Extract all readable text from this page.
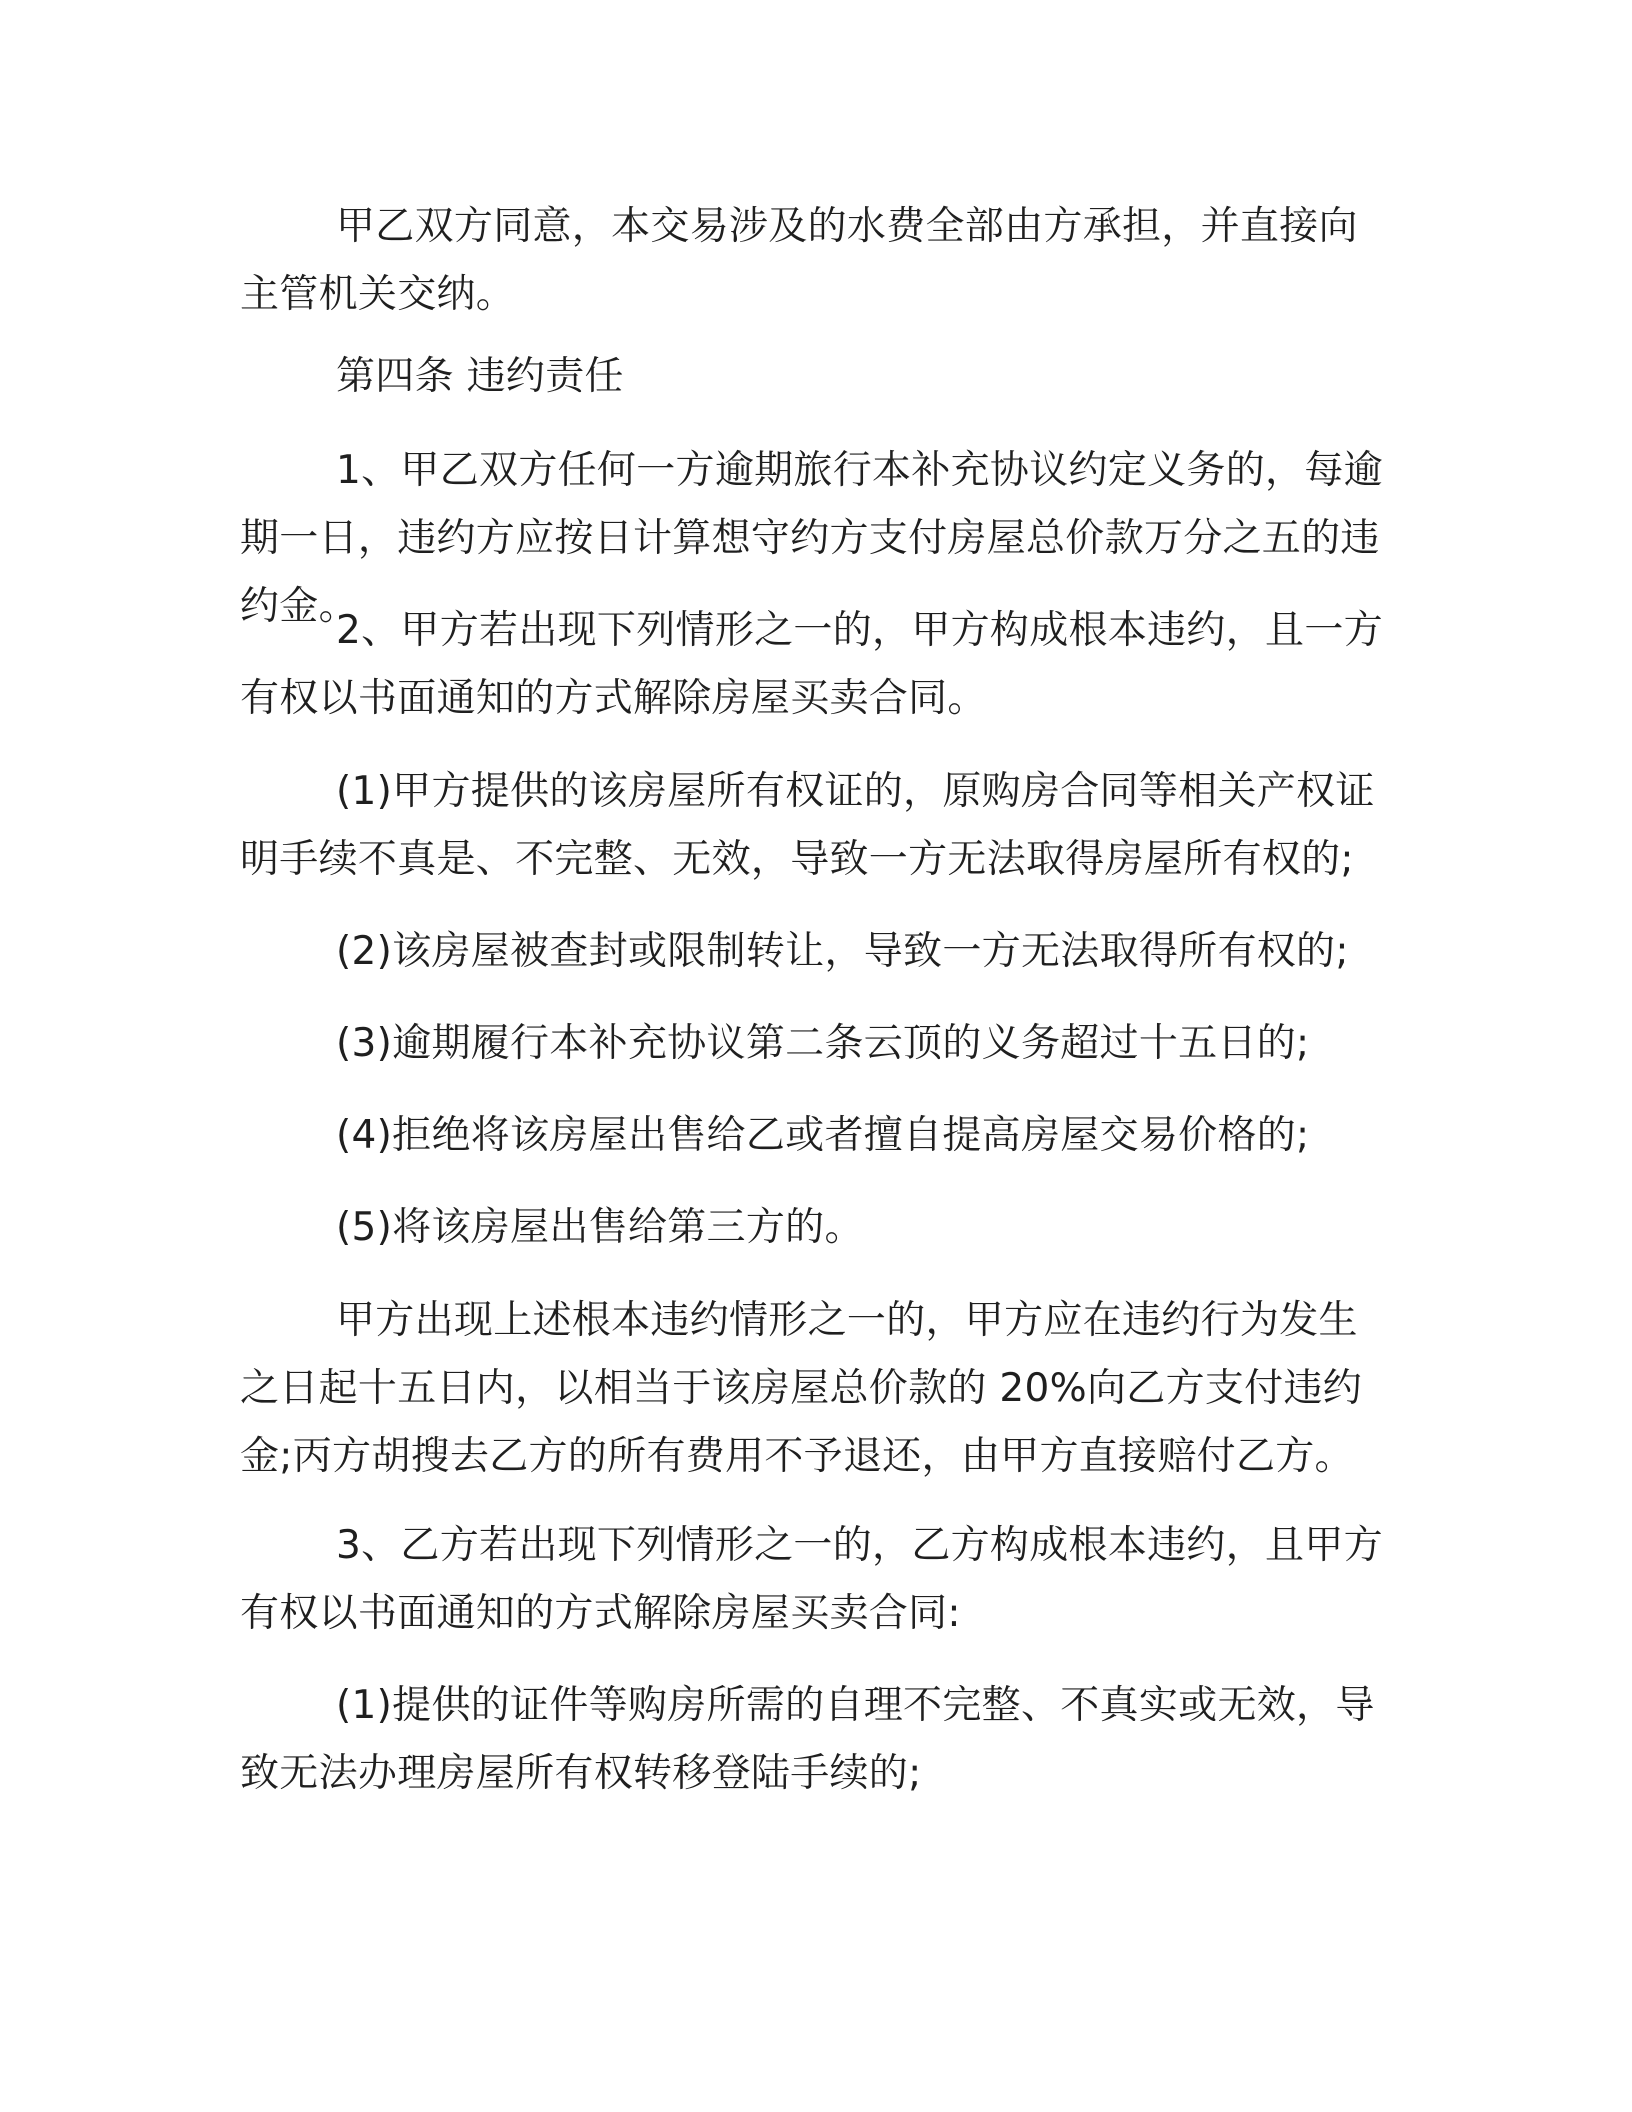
甲乙双方同意，本交易涉及的水费全部由方承担，并直接向主管机关交纳。

第四条 违约责任

1、甲乙双方任何一方逾期旅行本补充协议约定义务的，每逾期一日，违约方应按日计算想守约方支付房屋总价款万分之五的违约金。

2、甲方若出现下列情形之一的，甲方构成根本违约，且一方有权以书面通知的方式解除房屋买卖合同。

(1)甲方提供的该房屋所有权证的，原购房合同等相关产权证明手续不真是、不完整、无效，导致一方无法取得房屋所有权的;

(2)该房屋被查封或限制转让，导致一方无法取得所有权的;

(3)逾期履行本补充协议第二条云顶的义务超过十五日的;

(4)拒绝将该房屋出售给乙或者擅自提高房屋交易价格的;

(5)将该房屋出售给第三方的。

甲方出现上述根本违约情形之一的，甲方应在违约行为发生之日起十五日内，以相当于该房屋总价款的 20%向乙方支付违约金;丙方胡搜去乙方的所有费用不予退还，由甲方直接赔付乙方。

3、乙方若出现下列情形之一的，乙方构成根本违约，且甲方有权以书面通知的方式解除房屋买卖合同:

(1)提供的证件等购房所需的自理不完整、不真实或无效，导致无法办理房屋所有权转移登陆手续的;
